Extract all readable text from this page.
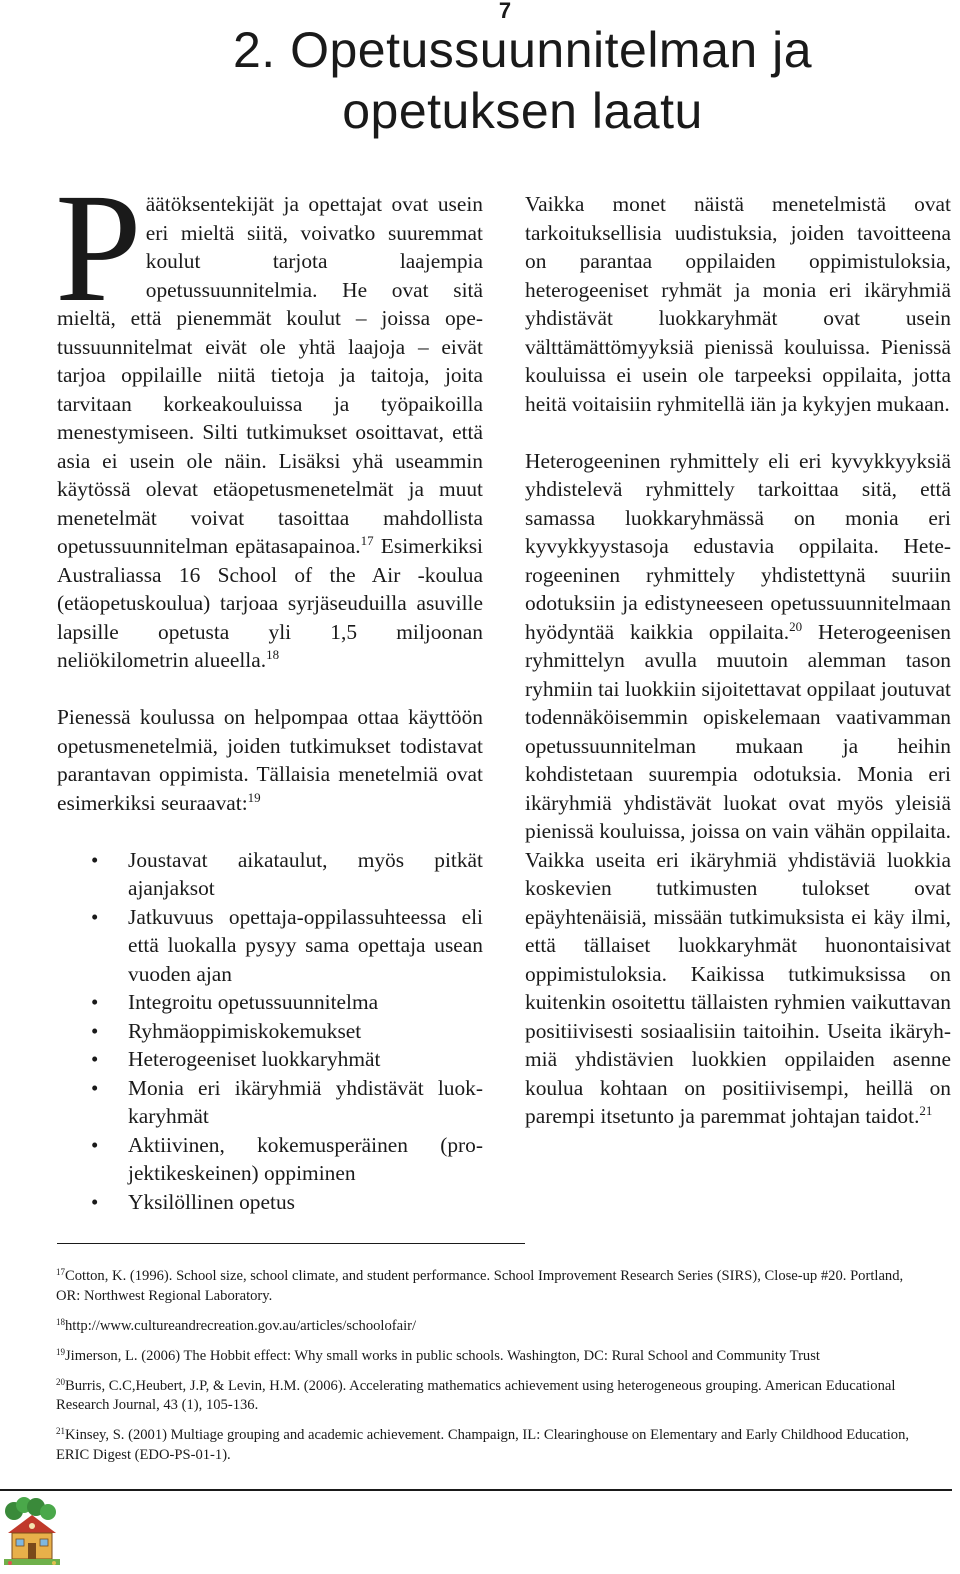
7
2. Opetussuunnitelman ja
opetuksen laatu

Päätöksentekijät ja opettajat ovat usein eri mieltä siitä, voivatko suuremmat koulut tarjota laajempia opetussuunnitelmia. He ovat sitä mieltä, että pienemmät koulut – joissa opetussuunnitelmat eivät ole yhtä laajoja – eivät tarjoa oppilaille niitä tietoja ja taitoja, joita tarvitaan korkeakouluissa ja työpaikoilla menestymiseen. Silti tutkimukset osoittavat, että asia ei usein ole näin. Lisäksi yhä useammin käytössä olevat etäopetusmenetelmät ja muut menetelmät voivat tasoittaa mahdollista opetussuunnitelman epätasapainoa.$^{17}$ Esimerkiksi Australiassa 16 School of the Air -koulua (etäopetuskoulua) tarjoaa syrjäseuduilla asuville lapsille opetusta yli 1,5 miljoonan neliökilometrin alueella.$^{18}$

Pienessä koulussa on helpompaa ottaa käyttöön opetusmenetelmiä, joiden tutkimukset todistavat parantavan oppimista. Tällaisia menetelmiä ovat esimerkiksi seuraavat:$^{19}$

• Joustavat aikataulut, myös pitkät ajanjaksot
• Jatkuvuus opettaja-oppilassuhteessa eli että luokalla pysyy sama opettaja usean vuoden ajan
• Integroitu opetussuunnitelma
• Ryhmäoppimiskokemukset
• Heterogeeniset luokkaryhmät
• Monia eri ikäryhmiä yhdistävät luokkaryhmät
• Aktiivinen, kokemusperäinen (projektikeskeinen) oppiminen
• Yksilöllinen opetus

Vaikka monet näistä menetelmistä ovat tarkoituksellisia uudistuksia, joiden tavoitteena on parantaa oppilaiden oppimistuloksia, heterogeeniset ryhmät ja monia eri ikäryhmiä yhdistävät luokkaryhmät ovat usein välttämättömyyksiä pienissä kouluissa. Pienissä kouluissa ei usein ole tarpeeksi oppilaita, jotta heitä voitaisiin ryhmitellä iän ja kykyjen mukaan.

Heterogeeninen ryhmittely eli eri kyvykkyyksiä yhdistelevä ryhmittely tarkoittaa sitä, että samassa luokkaryhmässä on monia eri kyvykkyystasoja edustavia oppilaita. Heterogeeninen ryhmittely yhdistettynä suuriin odotuksiin ja edistyneeseen opetussuunnitelmaan hyödyntää kaikkia oppilaita.$^{20}$ Heterogeenisen ryhmittelyn avulla muutoin alemman tason ryhmiin tai luokkiin sijoitettavat oppilaat joutuvat todennäköisemmin opiskelemaan vaativamman opetussuunnitelman mukaan ja heihin kohdistetaan suurempia odotuksia. Monia eri ikäryhmiä yhdistävät luokat ovat myös yleisiä pienissä kouluissa, joissa on vain vähän oppilaita. Vaikka useita eri ikäryhmiä yhdistäviä luokkia koskevien tutkimusten tulokset ovat epäyhtenäisiä, missään tutkimuksista ei käy ilmi, että tällaiset luokkaryhmät huonontaisivat oppimistuloksia. Kaikissa tutkimuksissa on kuitenkin osoitettu tällaisten ryhmien vaikuttavan positiivisesti sosiaalisiin taitoihin. Useita ikäryhmiä yhdistävien luokkien oppilaiden asenne koulua kohtaan on positiivisempi, heillä on parempi itsetunto ja paremmat johtajan taidot.$^{21}$

$^{17}$Cotton, K. (1996). School size, school climate, and student performance. School Improvement Research Series (SIRS), Close-up #20. Portland, OR: Northwest Regional Laboratory.

$^{18}$http://www.cultureandrecreation.gov.au/articles/schoolofair/

$^{19}$Jimerson, L. (2006) The Hobbit effect: Why small works in public schools. Washington, DC: Rural School and Community Trust

$^{20}$Burris, C.C,Heubert, J.P, & Levin, H.M. (2006). Accelerating mathematics achievement using heterogeneous grouping. American Educational Research Journal, 43 (1), 105-136.

$^{21}$Kinsey, S. (2001) Multiage grouping and academic achievement. Champaign, IL: Clearinghouse on Elementary and Early Childhood Education, ERIC Digest (EDO-PS-01-1).
